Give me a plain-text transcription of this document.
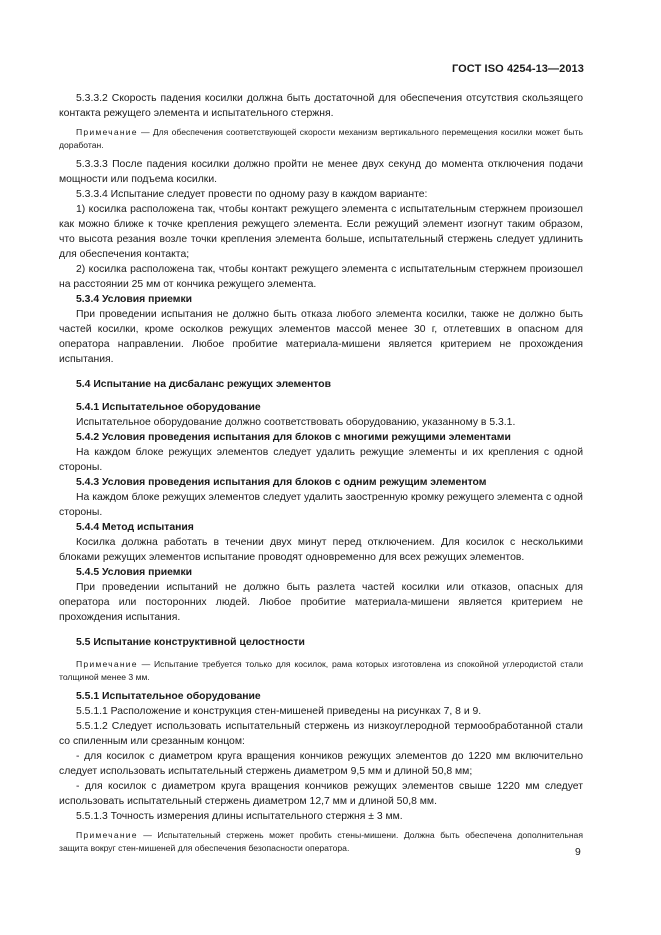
ГОСТ ISO 4254-13—2013

5.3.3.2 Скорость падения косилки должна быть достаточной для обеспечения отсутствия скользящего контакта режущего элемента и испытательного стержня.

Примечание — Для обеспечения соответствующей скорости механизм вертикального перемещения косилки может быть доработан.

5.3.3.3 После падения косилки должно пройти не менее двух секунд до момента отключения подачи мощности или подъема косилки.

5.3.3.4 Испытание следует провести по одному разу в каждом варианте:

1) косилка расположена так, чтобы контакт режущего элемента с испытательным стержнем произошел как можно ближе к точке крепления режущего элемента. Если режущий элемент изогнут таким образом, что высота резания возле точки крепления элемента больше, испытательный стержень следует удлинить для обеспечения контакта;

2) косилка расположена так, чтобы контакт режущего элемента с испытательным стержнем произошел на расстоянии 25 мм от кончика режущего элемента.

5.3.4 Условия приемки

При проведении испытания не должно быть отказа любого элемента косилки, также не должно быть частей косилки, кроме осколков режущих элементов массой менее 30 г, отлетевших в опасном для оператора направлении. Любое пробитие материала-мишени является критерием не прохождения испытания.

5.4 Испытание на дисбаланс режущих элементов
5.4.1 Испытательное оборудование

Испытательное оборудование должно соответствовать оборудованию, указанному в 5.3.1.

5.4.2 Условия проведения испытания для блоков с многими режущими элементами

На каждом блоке режущих элементов следует удалить режущие элементы и их крепления с одной стороны.

5.4.3 Условия проведения испытания для блоков с одним режущим элементом

На каждом блоке режущих элементов следует удалить заостренную кромку режущего элемента с одной стороны.

5.4.4 Метод испытания

Косилка должна работать в течении двух минут перед отключением. Для косилок с несколькими блоками режущих элементов испытание проводят одновременно для всех режущих элементов.

5.4.5 Условия приемки

При проведении испытаний не должно быть разлета частей косилки или отказов, опасных для оператора или посторонних людей. Любое пробитие материала-мишени является критерием не прохождения испытания.

5.5 Испытание конструктивной целостности

Примечание — Испытание требуется только для косилок, рама которых изготовлена из спокойной углеродистой стали толщиной менее 3 мм.

5.5.1 Испытательное оборудование

5.5.1.1 Расположение и конструкция стен-мишеней приведены на рисунках 7, 8 и 9.

5.5.1.2 Следует использовать испытательный стержень из низкоуглеродной термообработанной стали со спиленным или срезанным концом:

- для косилок с диаметром круга вращения кончиков режущих элементов до 1220 мм включительно следует использовать испытательный стержень диаметром 9,5 мм и длиной 50,8 мм;

- для косилок с диаметром круга вращения кончиков режущих элементов свыше 1220 мм следует использовать испытательный стержень диаметром 12,7 мм и длиной 50,8 мм.

5.5.1.3 Точность измерения длины испытательного стержня ± 3 мм.

Примечание — Испытательный стержень может пробить стены-мишени. Должна быть обеспечена дополнительная защита вокруг стен-мишеней для обеспечения безопасности оператора.	9
